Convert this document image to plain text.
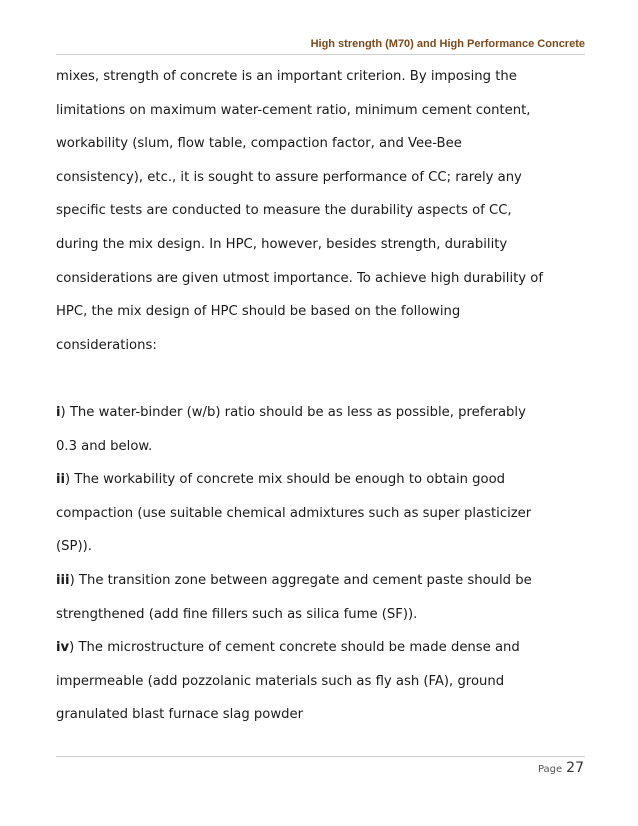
High strength (M70) and High Performance Concrete

mixes, strength of concrete is an important criterion. By imposing the

limitations on maximum water-cement ratio, minimum cement content,

workability (slum, flow table, compaction factor, and Vee-Bee

consistency), etc., it is sought to assure performance of CC; rarely any

specific tests are conducted to measure the durability aspects of CC,

during the mix design. In HPC, however, besides strength, durability

considerations are given utmost importance. To achieve high durability of

HPC, the mix design of HPC should be based on the following

considerations:

i) The water-binder (w/b) ratio should be as less as possible, preferably

0.3 and below.

ii) The workability of concrete mix should be enough to obtain good

compaction (use suitable chemical admixtures such as super plasticizer

(SP)).

iii) The transition zone between aggregate and cement paste should be

strengthened (add fine fillers such as silica fume (SF)).

iv) The microstructure of cement concrete should be made dense and

impermeable (add pozzolanic materials such as fly ash (FA), ground

granulated blast furnace slag powder

Page 27
